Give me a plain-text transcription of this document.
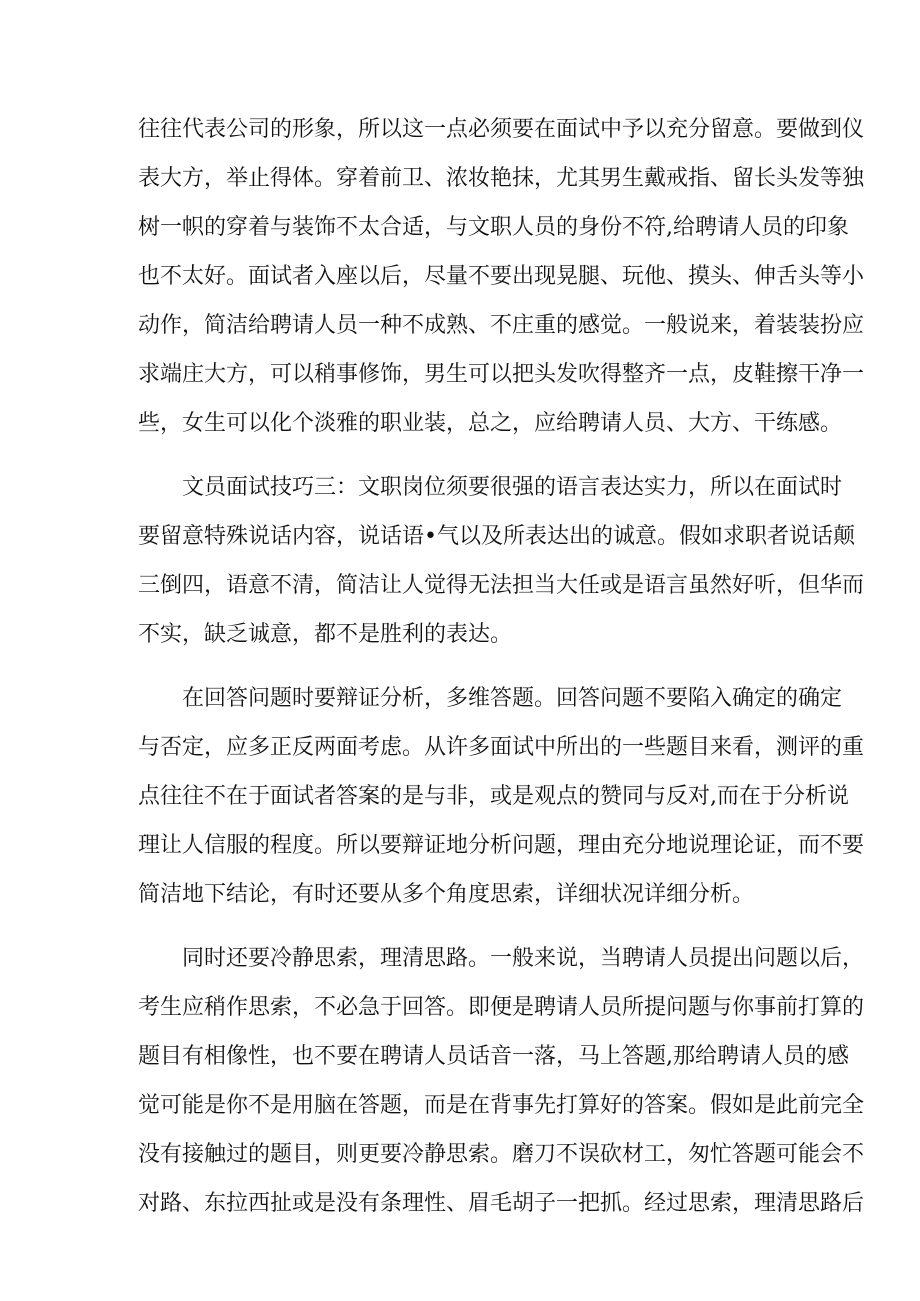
往往代表公司的形象，所以这一点必须要在面试中予以充分留意。要做到仪
表大方，举止得体。穿着前卫、浓妆艳抹，尤其男生戴戒指、留长头发等独
树一帜的穿着与装饰不太合适，与文职人员的身份不符,给聘请人员的印象
也不太好。面试者入座以后，尽量不要出现晃腿、玩他、摸头、伸舌头等小
动作，简洁给聘请人员一种不成熟、不庄重的感觉。一般说来，着装装扮应
求端庄大方，可以稍事修饰，男生可以把头发吹得整齐一点，皮鞋擦干净一
些，女生可以化个淡雅的职业装，总之，应给聘请人员、大方、干练感。
文员面试技巧三：文职岗位须要很强的语言表达实力，所以在面试时
要留意特殊说话内容，说话语•气以及所表达出的诚意。假如求职者说话颠
三倒四，语意不清，简洁让人觉得无法担当大任或是语言虽然好听，但华而
不实，缺乏诚意，都不是胜利的表达。
在回答问题时要辩证分析，多维答题。回答问题不要陷入确定的确定
与否定，应多正反两面考虑。从许多面试中所出的一些题目来看，测评的重
点往往不在于面试者答案的是与非，或是观点的赞同与反对,而在于分析说
理让人信服的程度。所以要辩证地分析问题，理由充分地说理论证，而不要
简洁地下结论，有时还要从多个角度思索，详细状况详细分析。
同时还要冷静思索，理清思路。一般来说，当聘请人员提出问题以后，
考生应稍作思索，不必急于回答。即便是聘请人员所提问题与你事前打算的
题目有相像性，也不要在聘请人员话音一落，马上答题,那给聘请人员的感
觉可能是你不是用脑在答题，而是在背事先打算好的答案。假如是此前完全
没有接触过的题目，则更要冷静思索。磨刀不误砍材工，匆忙答题可能会不
对路、东拉西扯或是没有条理性、眉毛胡子一把抓。经过思索，理清思路后
